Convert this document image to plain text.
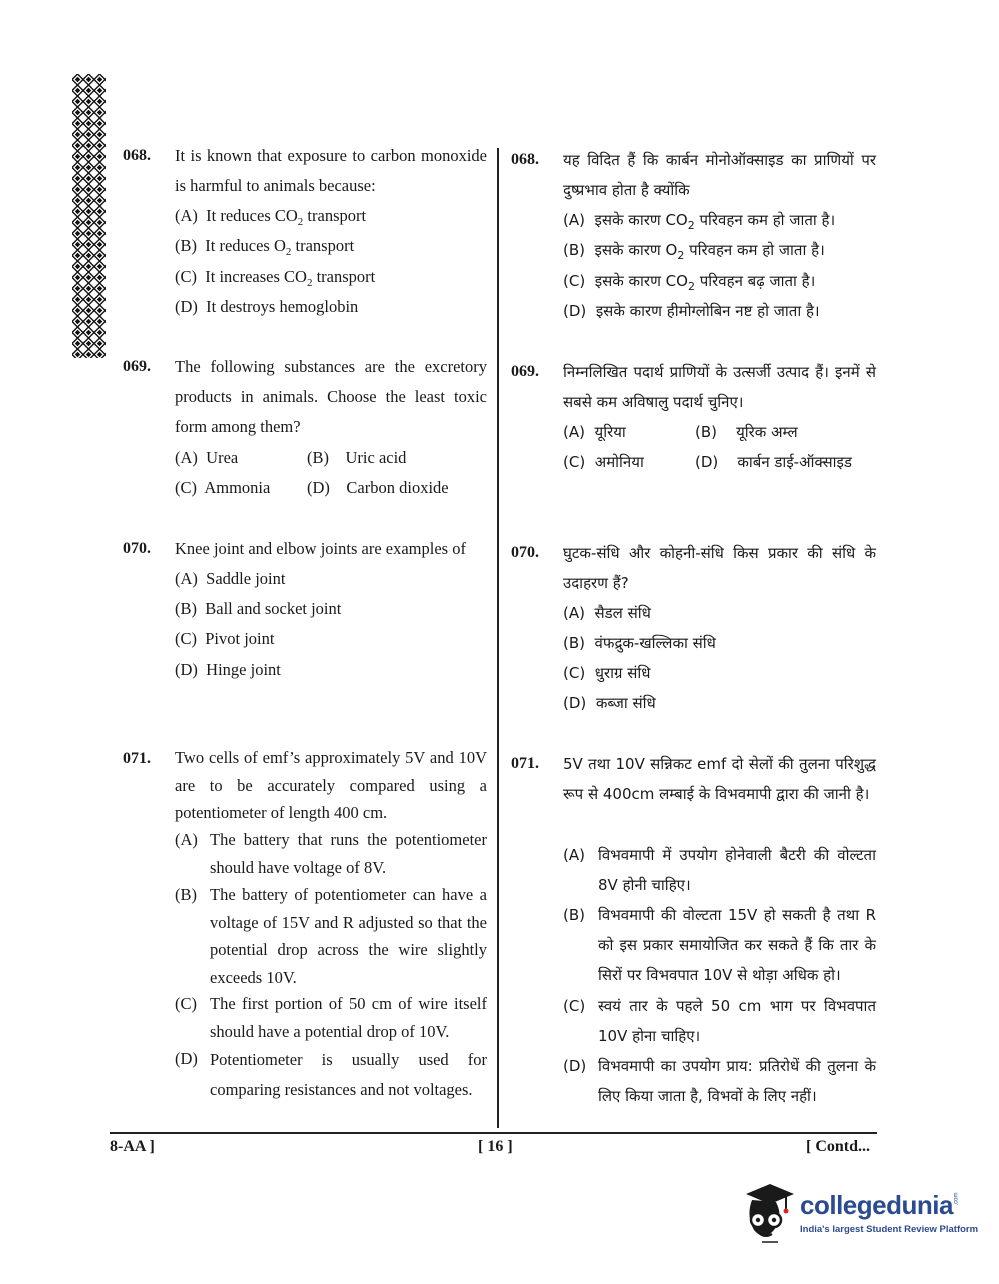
068. It is known that exposure to carbon monoxide is harmful to animals because:
(A) It reduces $CO_2$ transport
(B) It reduces $O_2$ transport
(C) It increases $CO_2$ transport
(D) It destroys hemoglobin
069. The following substances are the excretory products in animals. Choose the least toxic form among them?
(A) Urea	(B) Uric acid
(C) Ammonia (D) Carbon dioxide
070. Knee joint and elbow joints are examples of
(A) Saddle joint
(B) Ball and socket joint
(C) Pivot joint
(D) Hinge joint
071. Two cells of emf’s approximately 5V and 10V are to be accurately compared using a potentiometer of length 400 cm.
(A) The battery that runs the potentiometer should have voltage of 8V.
(B) The battery of potentiometer can have a voltage of 15V and R adjusted so that the potential drop across the wire slightly exceeds 10V.
(C) The first portion of 50 cm of wire itself should have a potential drop of 10V.
(D) Potentiometer is usually used for comparing resistances and not voltages.
068. यह विदित हैं कि कार्बन मोनोऑक्साइड का प्राणियों पर दुष्प्रभाव होता है क्योंकि
(A) इसके कारण $CO_2$ परिवहन कम हो जाता है।
(B) इसके कारण $O_2$ परिवहन कम हो जाता है।
(C) इसके कारण $CO_2$ परिवहन बढ़ जाता है।
(D) इसके कारण हीमोग्लोबिन नष्ट हो जाता है।
069. निम्नलिखित पदार्थ प्राणियों के उत्सर्जी उत्पाद हैं। इनमें से सबसे कम अविषालु पदार्थ चुनिए।
(A) यूरिया	(B) यूरिक अम्ल
(C) अमोनिया	(D) कार्बन डाई-ऑक्साइड
070. घुटक-संधि और कोहनी-संधि किस प्रकार की संधि के उदाहरण हैं?
(A) सैडल संधि
(B) वंफद्रुक-खल्लिका संधि
(C) धुराग्र संधि
(D) कब्जा संधि
071. 5V तथा 10V सन्निकट emf दो सेलों की तुलना परिशुद्ध रूप से 400cm लम्बाई के विभवमापी द्वारा की जानी है।
(A) विभवमापी में उपयोग होनेवाली बैटरी की वोल्टता 8V होनी चाहिए।
(B) विभवमापी की वोल्टता 15V हो सकती है तथा R को इस प्रकार समायोजित कर सकते हैं कि तार के सिरों पर विभवपात 10V से थोड़ा अधिक हो।
(C) स्वयं तार के पहले 50 cm भाग पर विभवपात 10V होना चाहिए।
(D) विभवमापी का उपयोग प्राय: प्रतिरोधें की तुलना के लिए किया जाता है, विभवों के लिए नहीं।
8-AA ]	[ 16 ]	[ Contd...
collegedunia .com
India's largest Student Review Platform
